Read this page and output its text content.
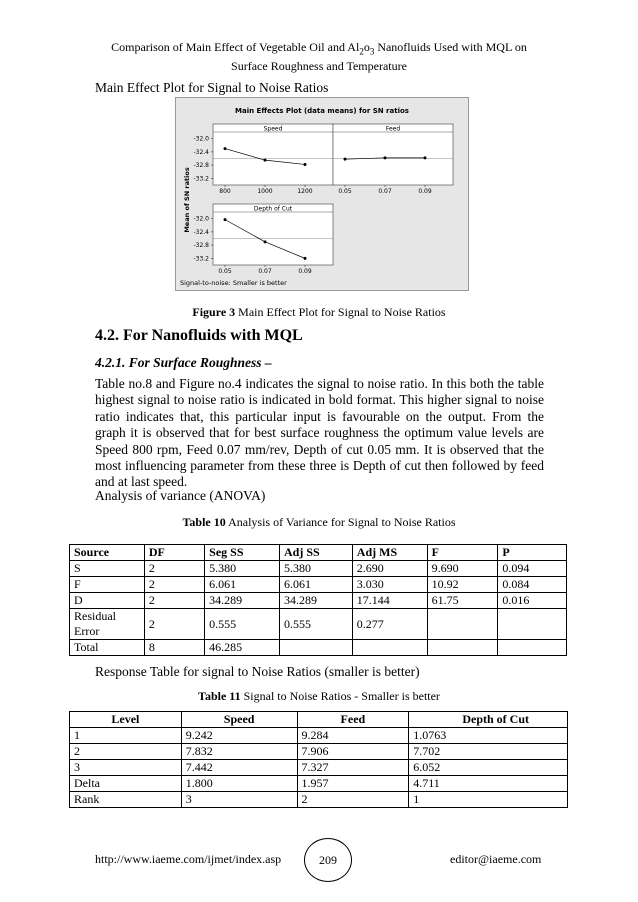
Comparison of Main Effect of Vegetable Oil and $Al_2o_3$ Nanofluids Used with MQL on
Surface Roughness and Temperature
Main Effect Plot for Signal to Noise Ratios
Main Effects Plot (data means) for SN ratios
Mean of SN ratios
Signal-to-noise: Smaller is better
Speed
800	1000	1200
-32.0
-32.4
-32.8
-33.2
Feed
0.05	0.07	0.09
Depth of Cut
0.05	0.07	0.09
-32.0
-32.4
-32.8
-33.2
Figure 3 Main Effect Plot for Signal to Noise Ratios
4.2. For Nanofluids with MQL
4.2.1. For Surface Roughness –
Table no.8 and Figure no.4 indicates the signal to noise ratio. In this both the table highest signal to noise ratio is indicated in bold format. This higher signal to noise ratio indicates that, this particular input is favourable on the output. From the graph it is observed that for best surface roughness the optimum value levels are Speed 800 rpm, Feed 0.07 mm/rev, Depth of cut 0.05 mm. It is observed that the most influencing parameter from these three is Depth of cut then followed by feed and at last speed.
Analysis of variance (ANOVA)
Table 10 Analysis of Variance for Signal to Noise Ratios
Source	DF	Seg SS	Adj SS	Adj MS	F	P
S	2	5.380	5.380	2.690	9.690	0.094
F	2	6.061	6.061	3.030	10.92	0.084
D	2	34.289	34.289	17.144	61.75	0.016
Residual Error	2	0.555	0.555	0.277		
Total	8	46.285				
Response Table for signal to Noise Ratios (smaller is better)
Table 11 Signal to Noise Ratios - Smaller is better
Level	Speed	Feed	Depth of Cut
1	9.242	9.284	1.0763
2	7.832	7.906	7.702
3	7.442	7.327	6.052
Delta	1.800	1.957	4.711
Rank	3	2	1
http://www.iaeme.com/ijmet/index.asp	209	editor@iaeme.com
